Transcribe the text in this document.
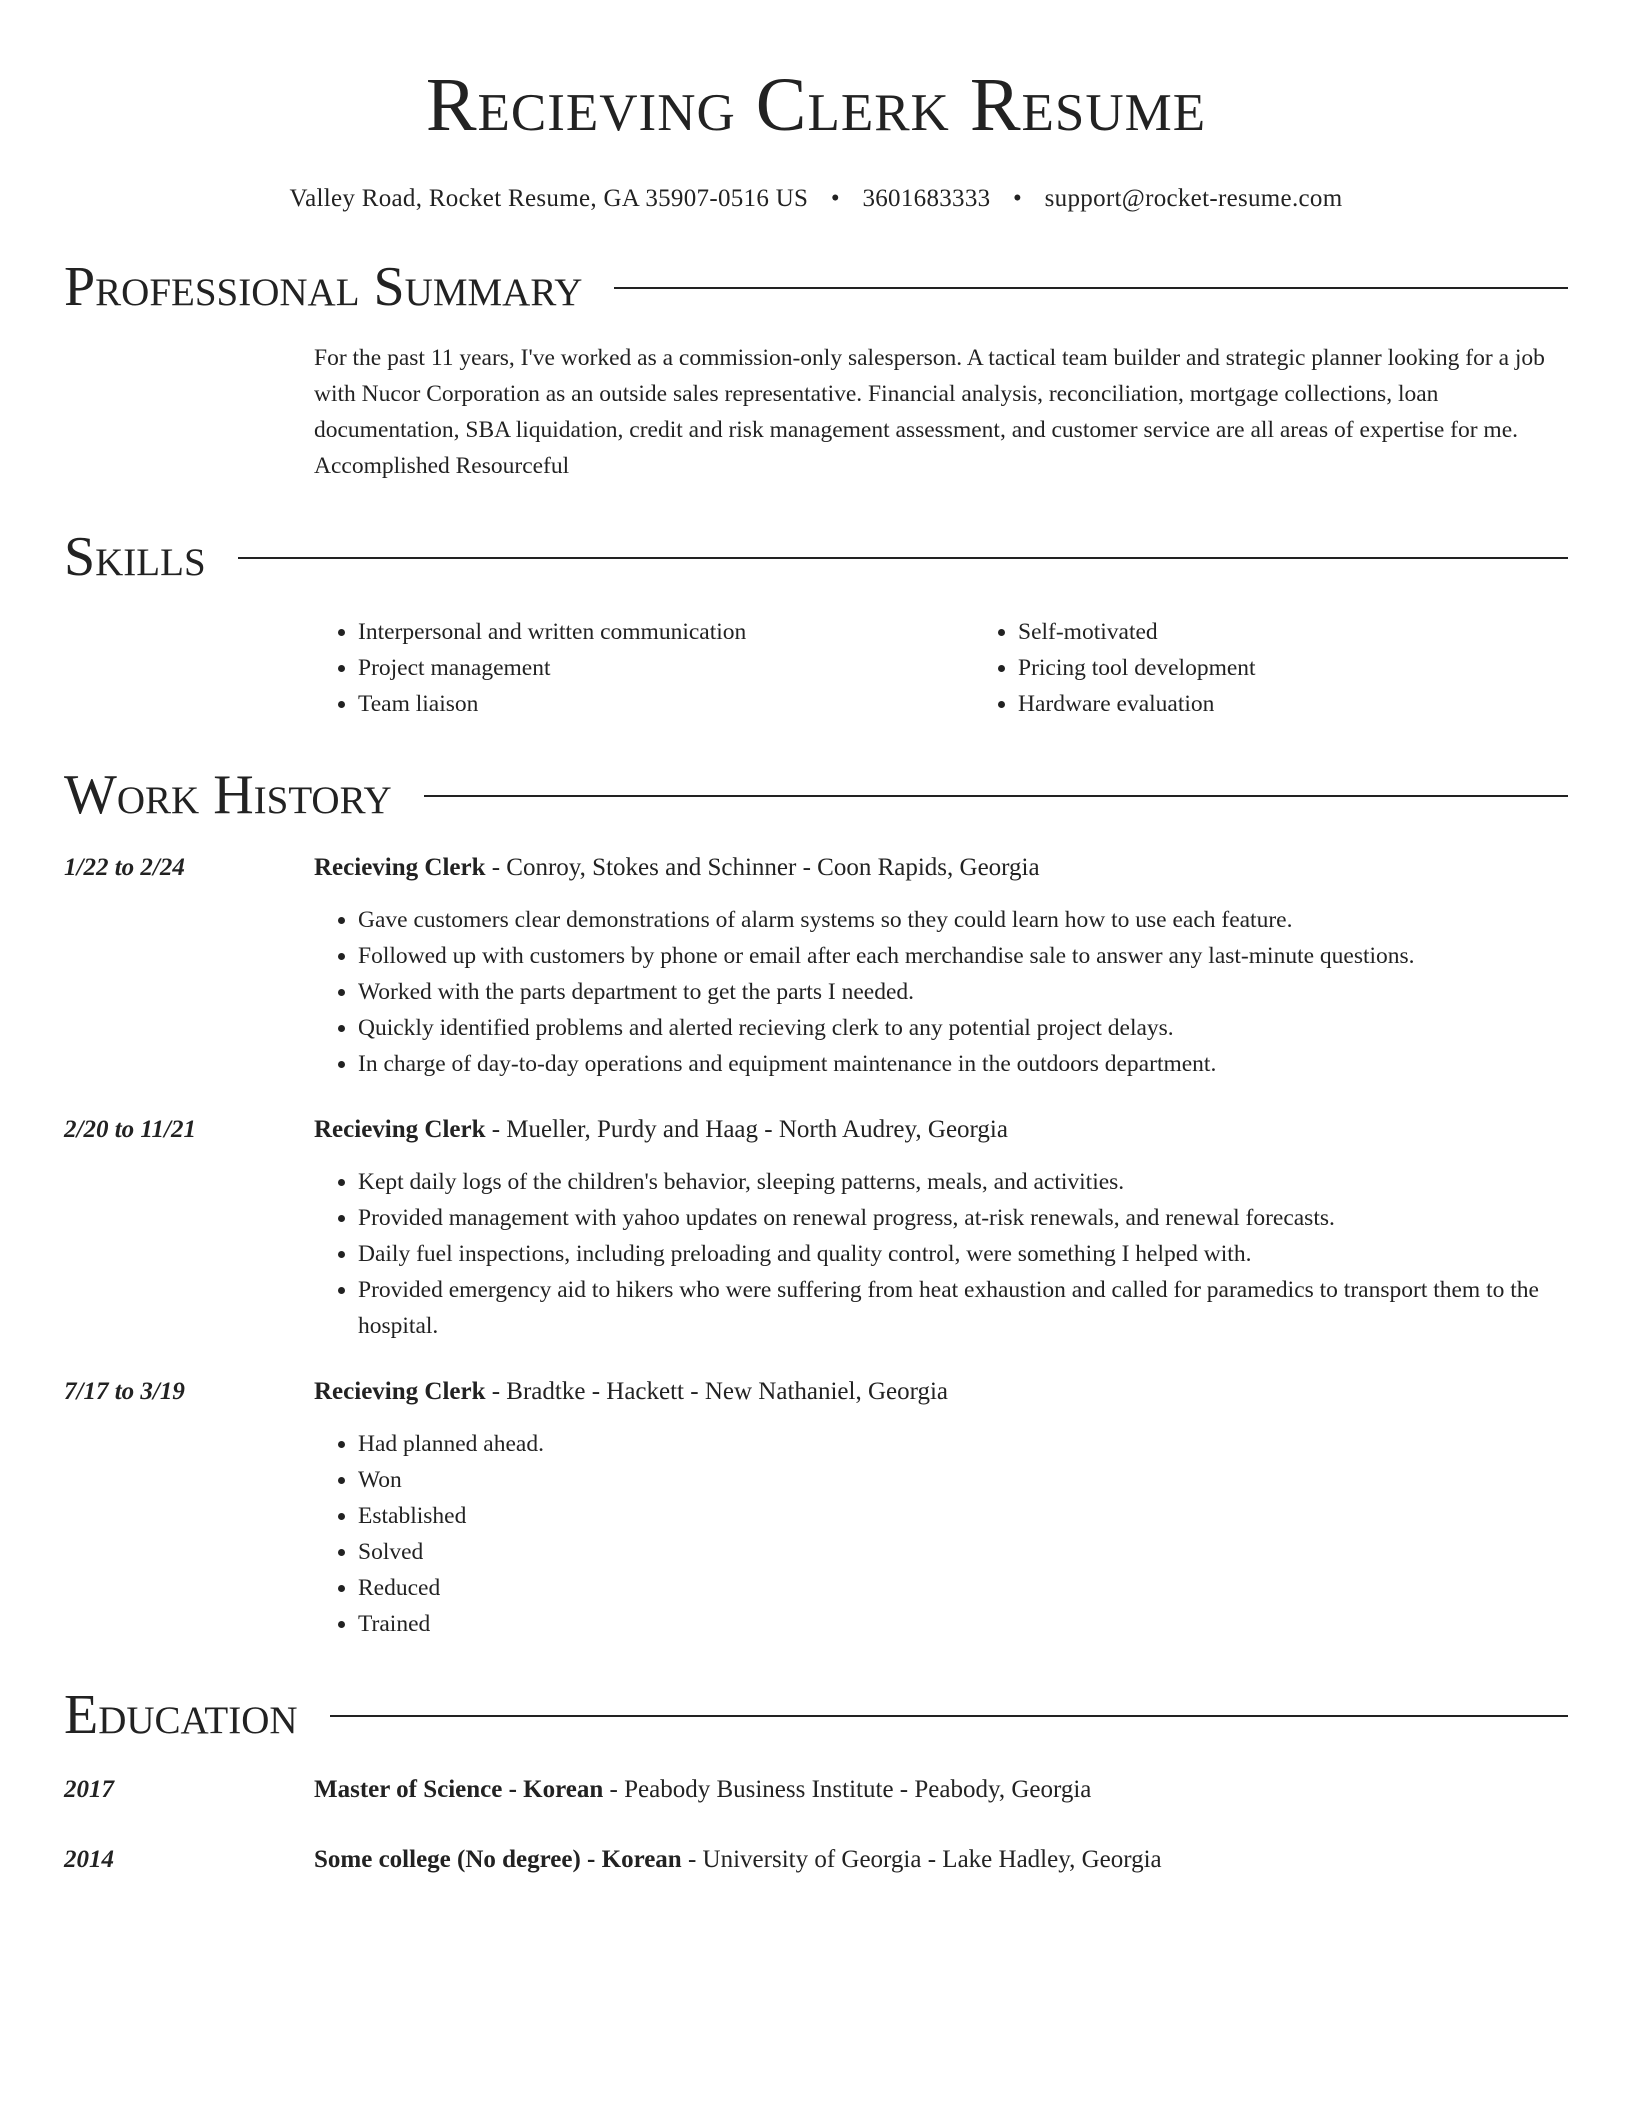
Recieving Clerk Resume
Valley Road, Rocket Resume, GA 35907-0516 US • 3601683333 • support@rocket-resume.com
Professional Summary
For the past 11 years, I've worked as a commission-only salesperson. A tactical team builder and strategic planner looking for a job with Nucor Corporation as an outside sales representative. Financial analysis, reconciliation, mortgage collections, loan documentation, SBA liquidation, credit and risk management assessment, and customer service are all areas of expertise for me. Accomplished Resourceful
Skills
• Interpersonal and written communication
• Project management
• Team liaison
• Self-motivated
• Pricing tool development
• Hardware evaluation
Work History
1/22 to 2/24	Recieving Clerk - Conroy, Stokes and Schinner - Coon Rapids, Georgia
• Gave customers clear demonstrations of alarm systems so they could learn how to use each feature.
• Followed up with customers by phone or email after each merchandise sale to answer any last-minute questions.
• Worked with the parts department to get the parts I needed.
• Quickly identified problems and alerted recieving clerk to any potential project delays.
• In charge of day-to-day operations and equipment maintenance in the outdoors department.
2/20 to 11/21	Recieving Clerk - Mueller, Purdy and Haag - North Audrey, Georgia
• Kept daily logs of the children's behavior, sleeping patterns, meals, and activities.
• Provided management with yahoo updates on renewal progress, at-risk renewals, and renewal forecasts.
• Daily fuel inspections, including preloading and quality control, were something I helped with.
• Provided emergency aid to hikers who were suffering from heat exhaustion and called for paramedics to transport them to the hospital.
7/17 to 3/19	Recieving Clerk - Bradtke - Hackett - New Nathaniel, Georgia
• Had planned ahead.
• Won
• Established
• Solved
• Reduced
• Trained
Education
2017	Master of Science - Korean - Peabody Business Institute - Peabody, Georgia
2014	Some college (No degree) - Korean - University of Georgia - Lake Hadley, Georgia
